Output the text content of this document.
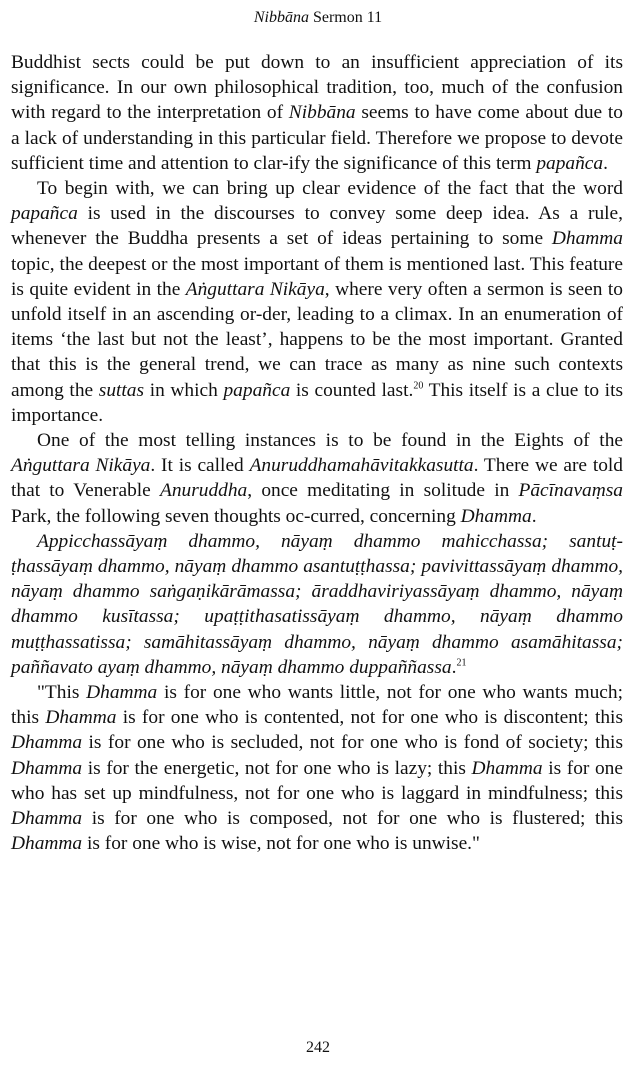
Nibbāna Sermon 11

Buddhist sects could be put down to an insufficient appreciation of its significance. In our own philosophical tradition, too, much of the confusion with regard to the interpretation of Nibbāna seems to have come about due to a lack of understanding in this particular field. Therefore we propose to devote sufficient time and attention to clar-ify the significance of this term papañca.

To begin with, we can bring up clear evidence of the fact that the word papañca is used in the discourses to convey some deep idea. As a rule, whenever the Buddha presents a set of ideas pertaining to some Dhamma topic, the deepest or the most important of them is mentioned last. This feature is quite evident in the Aṅguttara Nikāya, where very often a sermon is seen to unfold itself in an ascending or-der, leading to a climax. In an enumeration of items ‘the last but not the least’, happens to be the most important. Granted that this is the general trend, we can trace as many as nine such contexts among the suttas in which papañca is counted last.$^{20}$ This itself is a clue to its importance.

One of the most telling instances is to be found in the Eights of the Aṅguttara Nikāya. It is called Anuruddhamahāvitakkasutta. There we are told that to Venerable Anuruddha, once meditating in solitude in Pācīnavaṃsa Park, the following seven thoughts oc-curred, concerning Dhamma.

Appicchassāyaṃ dhammo, nāyaṃ dhammo mahicchassa; santuṭ-ṭhassāyaṃ dhammo, nāyaṃ dhammo asantuṭṭhassa; pavivittassāyaṃ dhammo, nāyaṃ dhammo saṅgaṇikārāmassa; āraddhaviriyassāyaṃ dhammo, nāyaṃ dhammo kusītassa; upaṭṭithasatissāyaṃ dhammo, nāyaṃ dhammo muṭṭhassatissa; samāhitassāyaṃ dhammo, nāyaṃ dhammo asamāhitassa; paññavato ayaṃ dhammo, nāyaṃ dhammo duppaññassa.$^{21}$

"This Dhamma is for one who wants little, not for one who wants much; this Dhamma is for one who is contented, not for one who is discontent; this Dhamma is for one who is secluded, not for one who is fond of society; this Dhamma is for the energetic, not for one who is lazy; this Dhamma is for one who has set up mindfulness, not for one who is laggard in mindfulness; this Dhamma is for one who is composed, not for one who is flustered; this Dhamma is for one who is wise, not for one who is unwise."

242
